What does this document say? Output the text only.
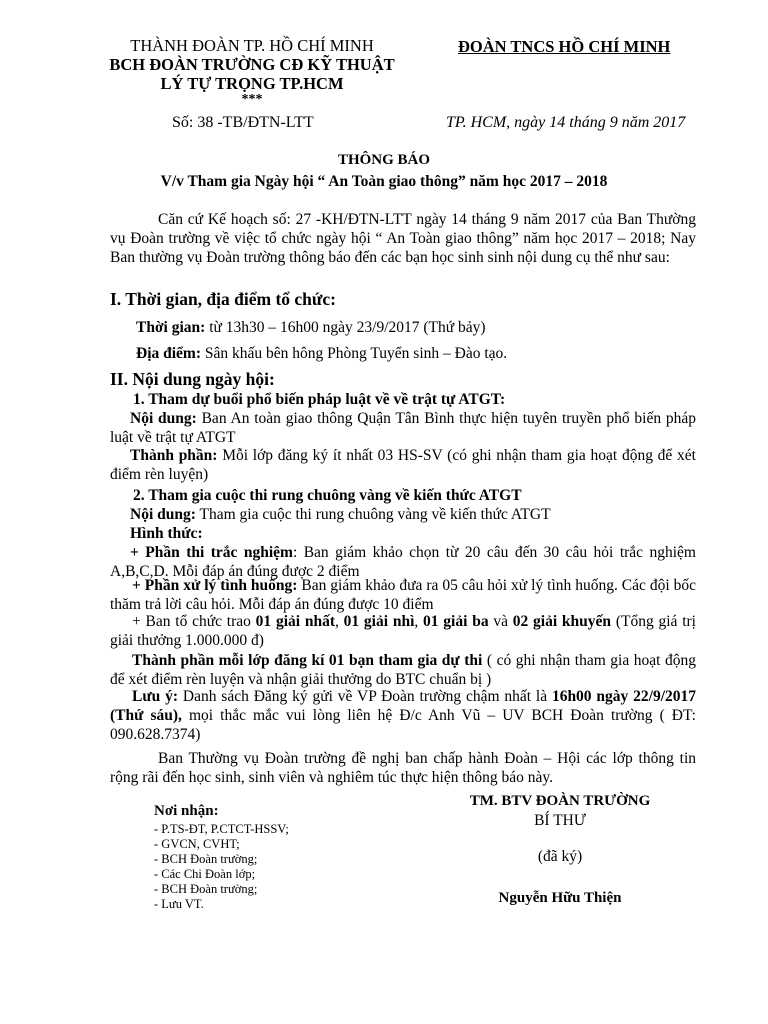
THÀNH ĐOÀN TP. HỒ CHÍ MINH
BCH ĐOÀN TRƯỜNG CĐ KỸ THUẬT
LÝ TỰ TRỌNG TP.HCM
***
ĐOÀN TNCS HỒ CHÍ MINH
Số: 38 -TB/ĐTN-LTT	TP. HCM, ngày 14 tháng 9 năm 2017
THÔNG BÁO
V/v Tham gia Ngày hội “ An Toàn giao thông” năm học 2017 – 2018

Căn cứ Kế hoạch số: 27 -KH/ĐTN-LTT ngày 14 tháng 9 năm 2017 của Ban Thường vụ Đoàn trường về việc tổ chức ngày hội “ An Toàn giao thông” năm học 2017 – 2018; Nay Ban thường vụ Đoàn trường thông báo đến các bạn học sinh sinh nội dung cụ thể như sau:

I. Thời gian, địa điểm tổ chức:

Thời gian: từ 13h30 – 16h00 ngày 23/9/2017 (Thứ bảy)

Địa điểm: Sân khấu bên hông Phòng Tuyển sinh – Đào tạo.

II. Nội dung ngày hội:
1. Tham dự buổi phổ biến pháp luật về về trật tự ATGT:

Nội dung: Ban An toàn giao thông Quận Tân Bình thực hiện tuyên truyền phổ biến pháp luật về trật tự ATGT

Thành phần: Mỗi lớp đăng ký ít nhất 03 HS-SV (có ghi nhận tham gia hoạt động để xét điểm rèn luyện)

2. Tham gia cuộc thi rung chuông vàng về kiến thức ATGT

Nội dung: Tham gia cuộc thi rung chuông vàng về kiến thức ATGT

Hình thức:

+ Phần thi trắc nghiệm: Ban giám khảo chọn từ 20 câu đến 30 câu hỏi trắc nghiệm A,B,C,D. Mỗi đáp án đúng được 2 điểm

+ Phần xử lý tình huống: Ban giám khảo đưa ra 05 câu hỏi xử lý tình huống. Các đội bốc thăm trả lời câu hỏi. Mỗi đáp án đúng được 10 điểm

+ Ban tổ chức trao 01 giải nhất, 01 giải nhì, 01 giải ba và 02 giải khuyến (Tổng giá trị giải thưởng 1.000.000 đ)

Thành phần mỗi lớp đăng kí 01 bạn tham gia dự thi ( có ghi nhận tham gia hoạt động để xét điểm rèn luyện và nhận giải thưởng do BTC chuẩn bị )

Lưu ý: Danh sách Đăng ký gửi về VP Đoàn trường chậm nhất là 16h00 ngày 22/9/2017 (Thứ sáu), mọi thắc mắc vui lòng liên hệ Đ/c Anh Vũ – UV BCH Đoàn trường ( ĐT: 090.628.7374)

Ban Thường vụ Đoàn trường đề nghị ban chấp hành Đoàn – Hội các lớp thông tin rộng rãi đến học sinh, sinh viên và nghiêm túc thực hiện thông báo này.

Nơi nhận:
- P.TS-ĐT, P.CTCT-HSSV;
- GVCN, CVHT;
- BCH Đoàn trường;
- Các Chi Đoàn lớp;
- BCH Đoàn trường;
- Lưu VT.
TM. BTV ĐOÀN TRƯỜNG
BÍ THƯ
(đã ký)
Nguyễn Hữu Thiện
